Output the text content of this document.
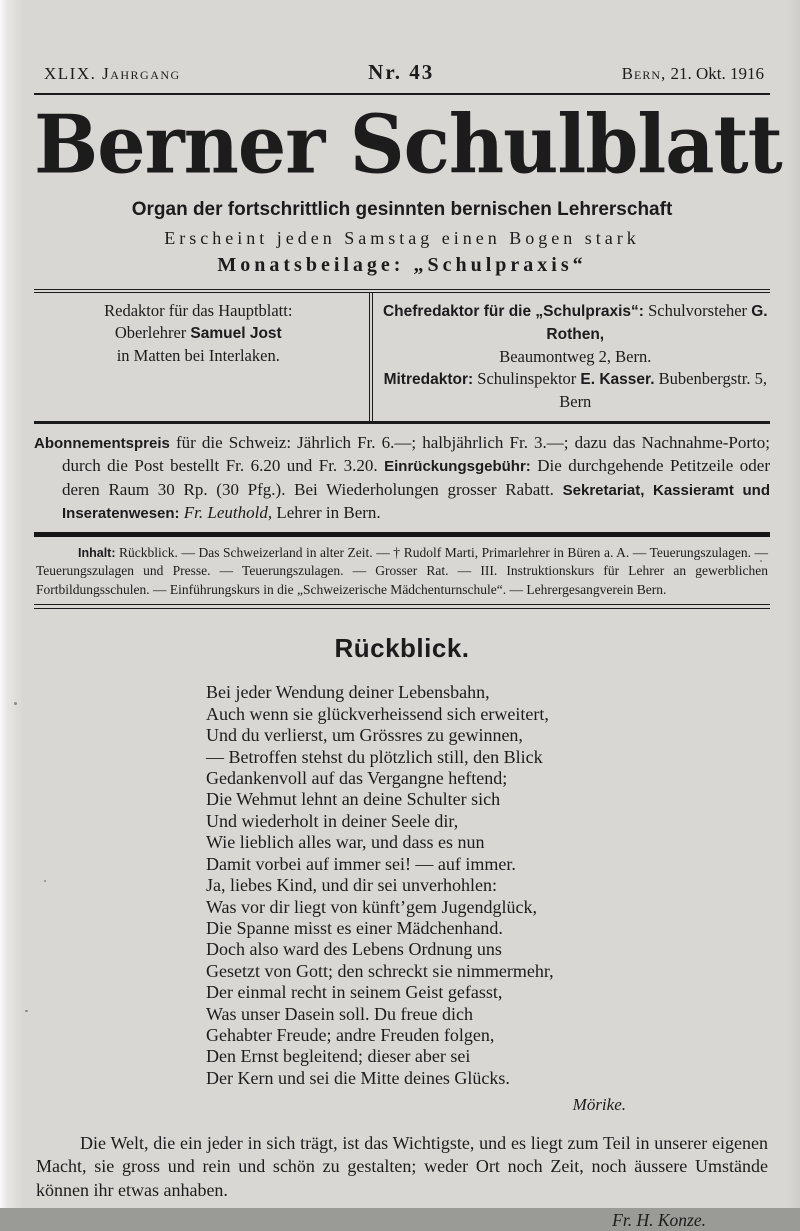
XLIX. Jahrgang	Nr. 43	Bern, 21. Okt. 1916
Berner Schulblatt
Organ der fortschrittlich gesinnten bernischen Lehrerschaft
Erscheint jeden Samstag einen Bogen stark
Monatsbeilage: „Schulpraxis“
Redaktor für das Hauptblatt:
Oberlehrer Samuel Jost
in Matten bei Interlaken.
Chefredaktor für die „Schulpraxis“: Schulvorsteher G. Rothen,
Beaumontweg 2, Bern.
Mitredaktor: Schulinspektor E. Kasser. Bubenbergstr. 5, Bern
Abonnementspreis für die Schweiz: Jährlich Fr. 6.—; halbjährlich Fr. 3.—; dazu das Nachnahme-Porto; durch die Post bestellt Fr. 6.20 und Fr. 3.20. Einrückungsgebühr: Die durchgehende Petitzeile oder deren Raum 30 Rp. (30 Pfg.). Bei Wiederholungen grosser Rabatt. Sekretariat, Kassieramt und Inseratenwesen: Fr. Leuthold, Lehrer in Bern.
Inhalt: Rückblick. — Das Schweizerland in alter Zeit. — † Rudolf Marti, Primarlehrer in Büren a. A. — Teuerungszulagen. — Teuerungszulagen und Presse. — Teuerungszulagen. — Grosser Rat. — III. Instruktionskurs für Lehrer an gewerblichen Fortbildungsschulen. — Einführungskurs in die „Schweizerische Mädchenturnschule“. — Lehrergesangverein Bern.
Rückblick.
Bei jeder Wendung deiner Lebensbahn,
Auch wenn sie glückverheissend sich erweitert,
Und du verlierst, um Grössres zu gewinnen,
— Betroffen stehst du plötzlich still, den Blick
Gedankenvoll auf das Vergangne heftend;
Die Wehmut lehnt an deine Schulter sich
Und wiederholt in deiner Seele dir,
Wie lieblich alles war, und dass es nun
Damit vorbei auf immer sei! — auf immer.
Ja, liebes Kind, und dir sei unverhohlen:
Was vor dir liegt von künft’gem Jugendglück,
Die Spanne misst es einer Mädchenhand.
Doch also ward des Lebens Ordnung uns
Gesetzt von Gott; den schreckt sie nimmermehr,
Der einmal recht in seinem Geist gefasst,
Was unser Dasein soll. Du freue dich
Gehabter Freude; andre Freuden folgen,
Den Ernst begleitend; dieser aber sei
Der Kern und sei die Mitte deines Glücks.
Mörike.
Die Welt, die ein jeder in sich trägt, ist das Wichtigste, und es liegt zum Teil in unserer eigenen Macht, sie gross und rein und schön zu gestalten; weder Ort noch Zeit, noch äussere Umstände können ihr etwas anhaben.
Fr. H. Konze.
